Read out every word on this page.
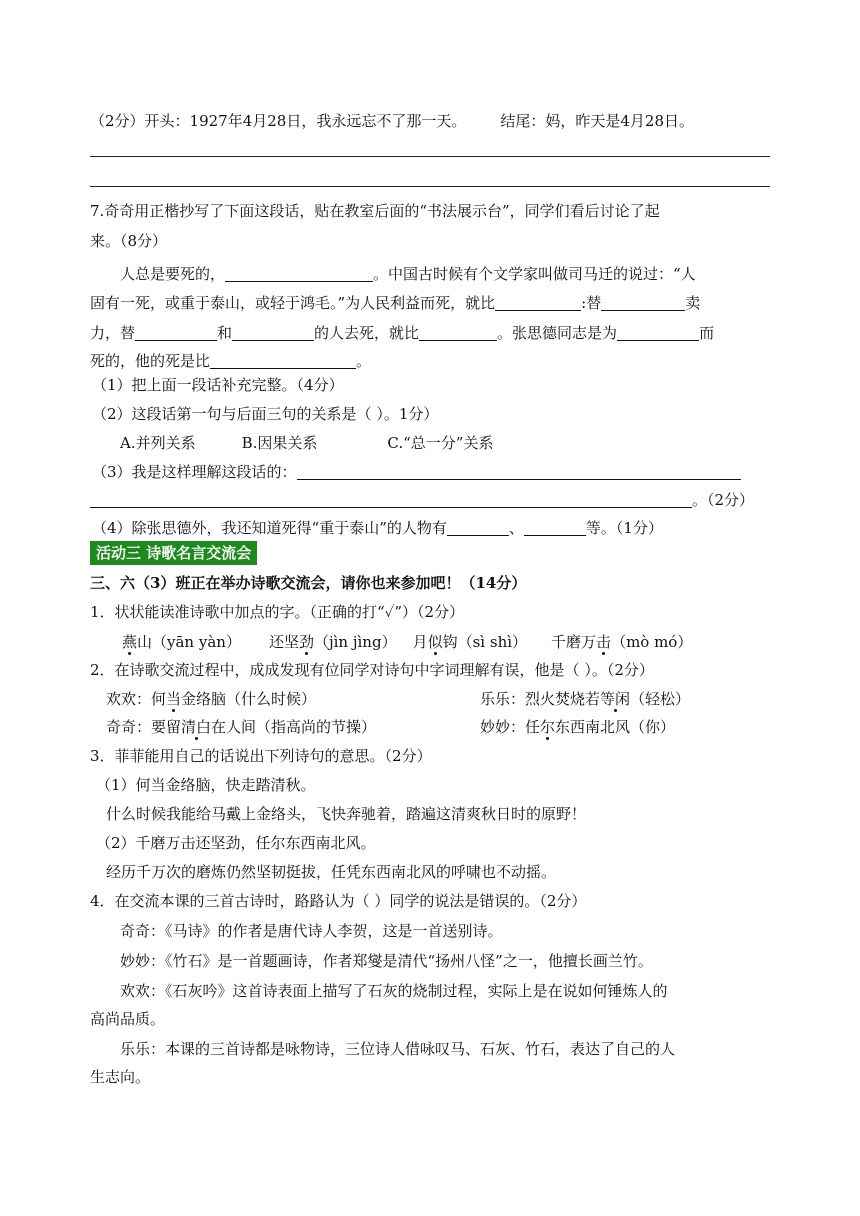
（2分）开头：1927年4月28日，我永远忘不了那一天。 结尾：妈，昨天是4月28日。
7.奇奇用正楷抄写了下面这段话，贴在教室后面的“书法展示台”，同学们看后讨论了起
来。（8分）
人总是要死的，	。中国古时候有个文学家叫做司马迁的说过：“人
固有一死，或重于泰山，或轻于鸿毛。”为人民利益而死，就比	:替	卖
力，替	和	的人去死，就比	。张思德同志是为	而
死的，他的死是比	。
（1）把上面一段话补充完整。（4分）
（2）这段话第一句与后面三句的关系是（ ）。1分）
A.并列关系	B.因果关系	C.“总一分”关系
（3）我是这样理解这段话的：
。（2分）
（4）除张思德外，我还知道死得“重于泰山”的人物有	、	等。（1分）
活动三 诗歌名言交流会
三、六（3）班正在举办诗歌交流会，请你也来参加吧！（14分）
1．状状能读准诗歌中加点的字。（正确的打“✓”）（2分）
燕山（yān yàn） 还坚劲（jìn jìng） 月似钩（sì shì） 千磨万击（mò mó）
2．在诗歌交流过程中，成成发现有位同学对诗句中字词理解有误，他是（ ）。（2分）
欢欢：何当金络脑（什么时候）	乐乐：烈火焚烧若等闲（轻松）
奇奇：要留清白在人间（指高尚的节操）	妙妙：任尔东西南北风（你）
3．菲菲能用自己的话说出下列诗句的意思。（2分）
（1）何当金络脑，快走踏清秋。
什么时候我能给马戴上金络头，飞快奔驰着，踏遍这清爽秋日时的原野！
（2）千磨万击还坚劲，任尔东西南北风。
经历千万次的磨炼仍然坚韧挺拔，任凭东西南北风的呼啸也不动摇。
4．在交流本课的三首古诗时，路路认为（ ）同学的说法是错误的。（2分）
奇奇：《马诗》的作者是唐代诗人李贺，这是一首送别诗。
妙妙：《竹石》是一首题画诗，作者郑燮是清代“扬州八怪”之一，他擅长画兰竹。
欢欢：《石灰吟》这首诗表面上描写了石灰的烧制过程，实际上是在说如何锤炼人的
高尚品质。
乐乐：本课的三首诗都是咏物诗，三位诗人借咏叹马、石灰、竹石，表达了自己的人
生志向。
